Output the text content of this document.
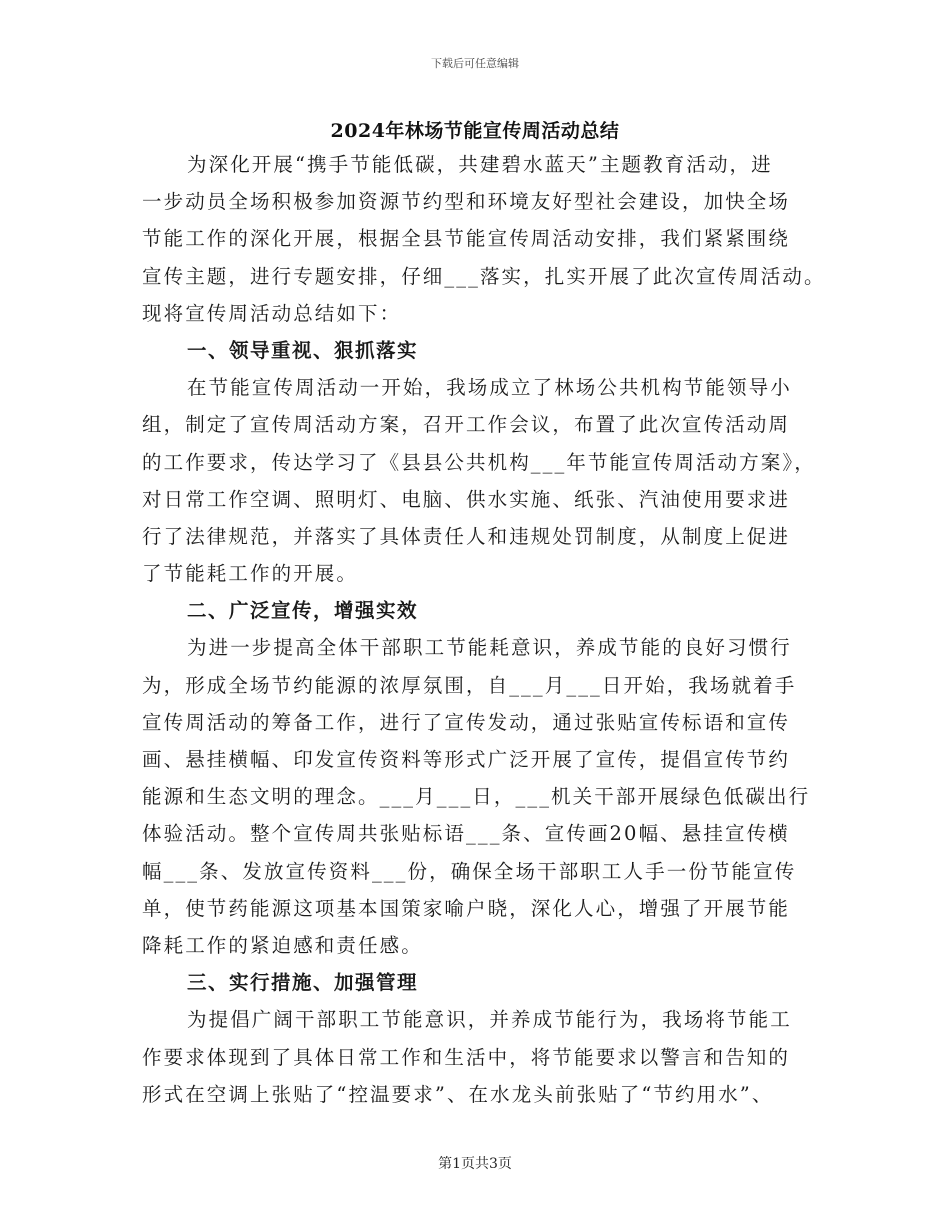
下载后可任意编辑
2024年林场节能宣传周活动总结
为深化开展“携手节能低碳，共建碧水蓝天”主题教育活动，进
一步动员全场积极参加资源节约型和环境友好型社会建设，加快全场
节能工作的深化开展，根据全县节能宣传周活动安排，我们紧紧围绕
宣传主题，进行专题安排，仔细___落实，扎实开展了此次宣传周活动。
现将宣传周活动总结如下：
一、领导重视、狠抓落实
在节能宣传周活动一开始，我场成立了林场公共机构节能领导小
组，制定了宣传周活动方案，召开工作会议，布置了此次宣传活动周
的工作要求，传达学习了《县县公共机构___年节能宣传周活动方案》，
对日常工作空调、照明灯、电脑、供水实施、纸张、汽油使用要求进
行了法律规范，并落实了具体责任人和违规处罚制度，从制度上促进
了节能耗工作的开展。
二、广泛宣传，增强实效
为进一步提高全体干部职工节能耗意识，养成节能的良好习惯行
为，形成全场节约能源的浓厚氛围，自___月___日开始，我场就着手
宣传周活动的筹备工作，进行了宣传发动，通过张贴宣传标语和宣传
画、悬挂横幅、印发宣传资料等形式广泛开展了宣传，提倡宣传节约
能源和生态文明的理念。___月___日，___机关干部开展绿色低碳出行
体验活动。整个宣传周共张贴标语___条、宣传画20幅、悬挂宣传横
幅___条、发放宣传资料___份，确保全场干部职工人手一份节能宣传
单，使节药能源这项基本国策家喻户晓，深化人心，增强了开展节能
降耗工作的紧迫感和责任感。
三、实行措施、加强管理
为提倡广阔干部职工节能意识，并养成节能行为，我场将节能工
作要求体现到了具体日常工作和生活中，将节能要求以警言和告知的
形式在空调上张贴了“控温要求”、在水龙头前张贴了“节约用水”、
第1页共3页
